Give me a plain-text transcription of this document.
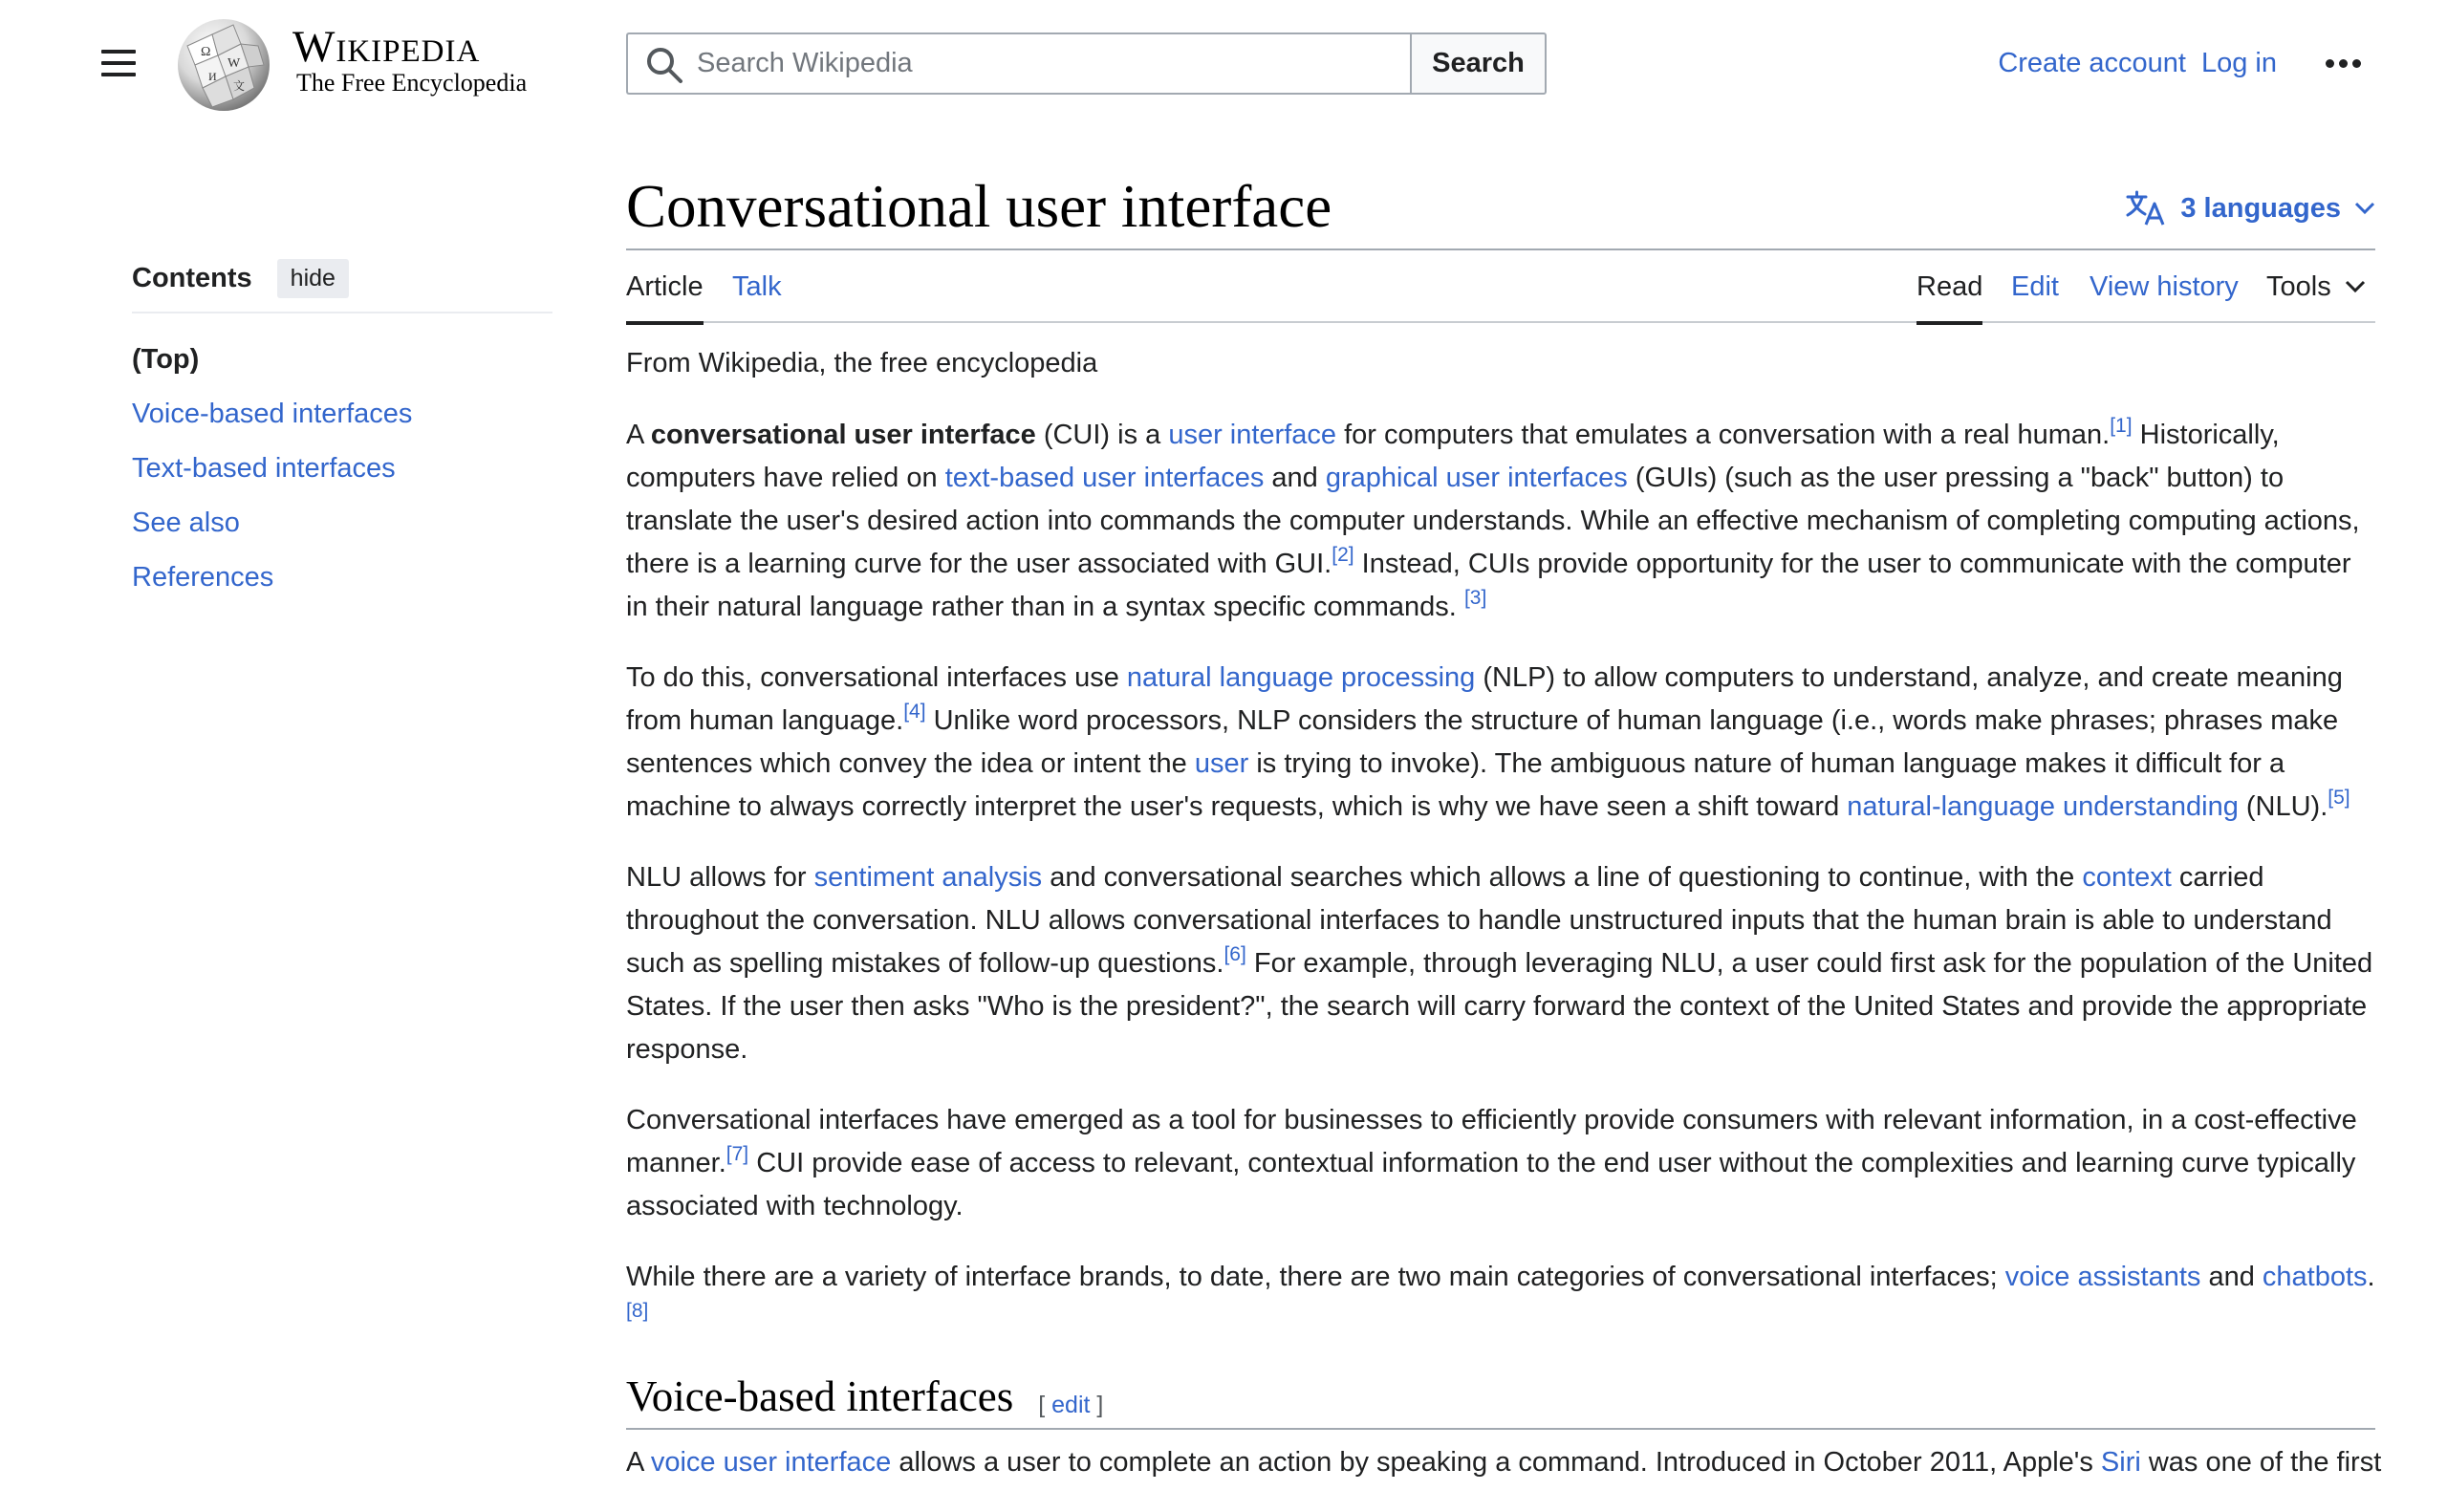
Ω
W
И
文
Wikipedia
The Free Encyclopedia
Search Wikipedia
Search	Create account Log in
Contents	hide
(Top)
Voice-based interfaces
Text-based interfaces
See also
References
Conversational user interface	3 languages
Article Talk	Read Edit View history Tools

From Wikipedia, the free encyclopedia

A conversational user interface (CUI) is a user interface for computers that emulates a conversation with a real human.[1] Historically, computers have relied on text-based user interfaces and graphical user interfaces (GUIs) (such as the user pressing a "back" button) to translate the user's desired action into commands the computer understands. While an effective mechanism of completing computing actions, there is a learning curve for the user associated with GUI.[2] Instead, CUIs provide opportunity for the user to communicate with the computer in their natural language rather than in a syntax specific commands. [3]

To do this, conversational interfaces use natural language processing (NLP) to allow computers to understand, analyze, and create meaning from human language.[4] Unlike word processors, NLP considers the structure of human language (i.e., words make phrases; phrases make sentences which convey the idea or intent the user is trying to invoke). The ambiguous nature of human language makes it difficult for a machine to always correctly interpret the user's requests, which is why we have seen a shift toward natural-language understanding (NLU).[5]

NLU allows for sentiment analysis and conversational searches which allows a line of questioning to continue, with the context carried throughout the conversation. NLU allows conversational interfaces to handle unstructured inputs that the human brain is able to understand such as spelling mistakes of follow-up questions.[6] For example, through leveraging NLU, a user could first ask for the population of the United States. If the user then asks "Who is the president?", the search will carry forward the context of the United States and provide the appropriate response.

Conversational interfaces have emerged as a tool for businesses to efficiently provide consumers with relevant information, in a cost-effective manner.[7] CUI provide ease of access to relevant, contextual information to the end user without the complexities and learning curve typically associated with technology.

While there are a variety of interface brands, to date, there are two main categories of conversational interfaces; voice assistants and chatbots.[8]

Voice-based interfaces [ edit ]

A voice user interface allows a user to complete an action by speaking a command. Introduced in October 2011, Apple's Siri was one of the first
